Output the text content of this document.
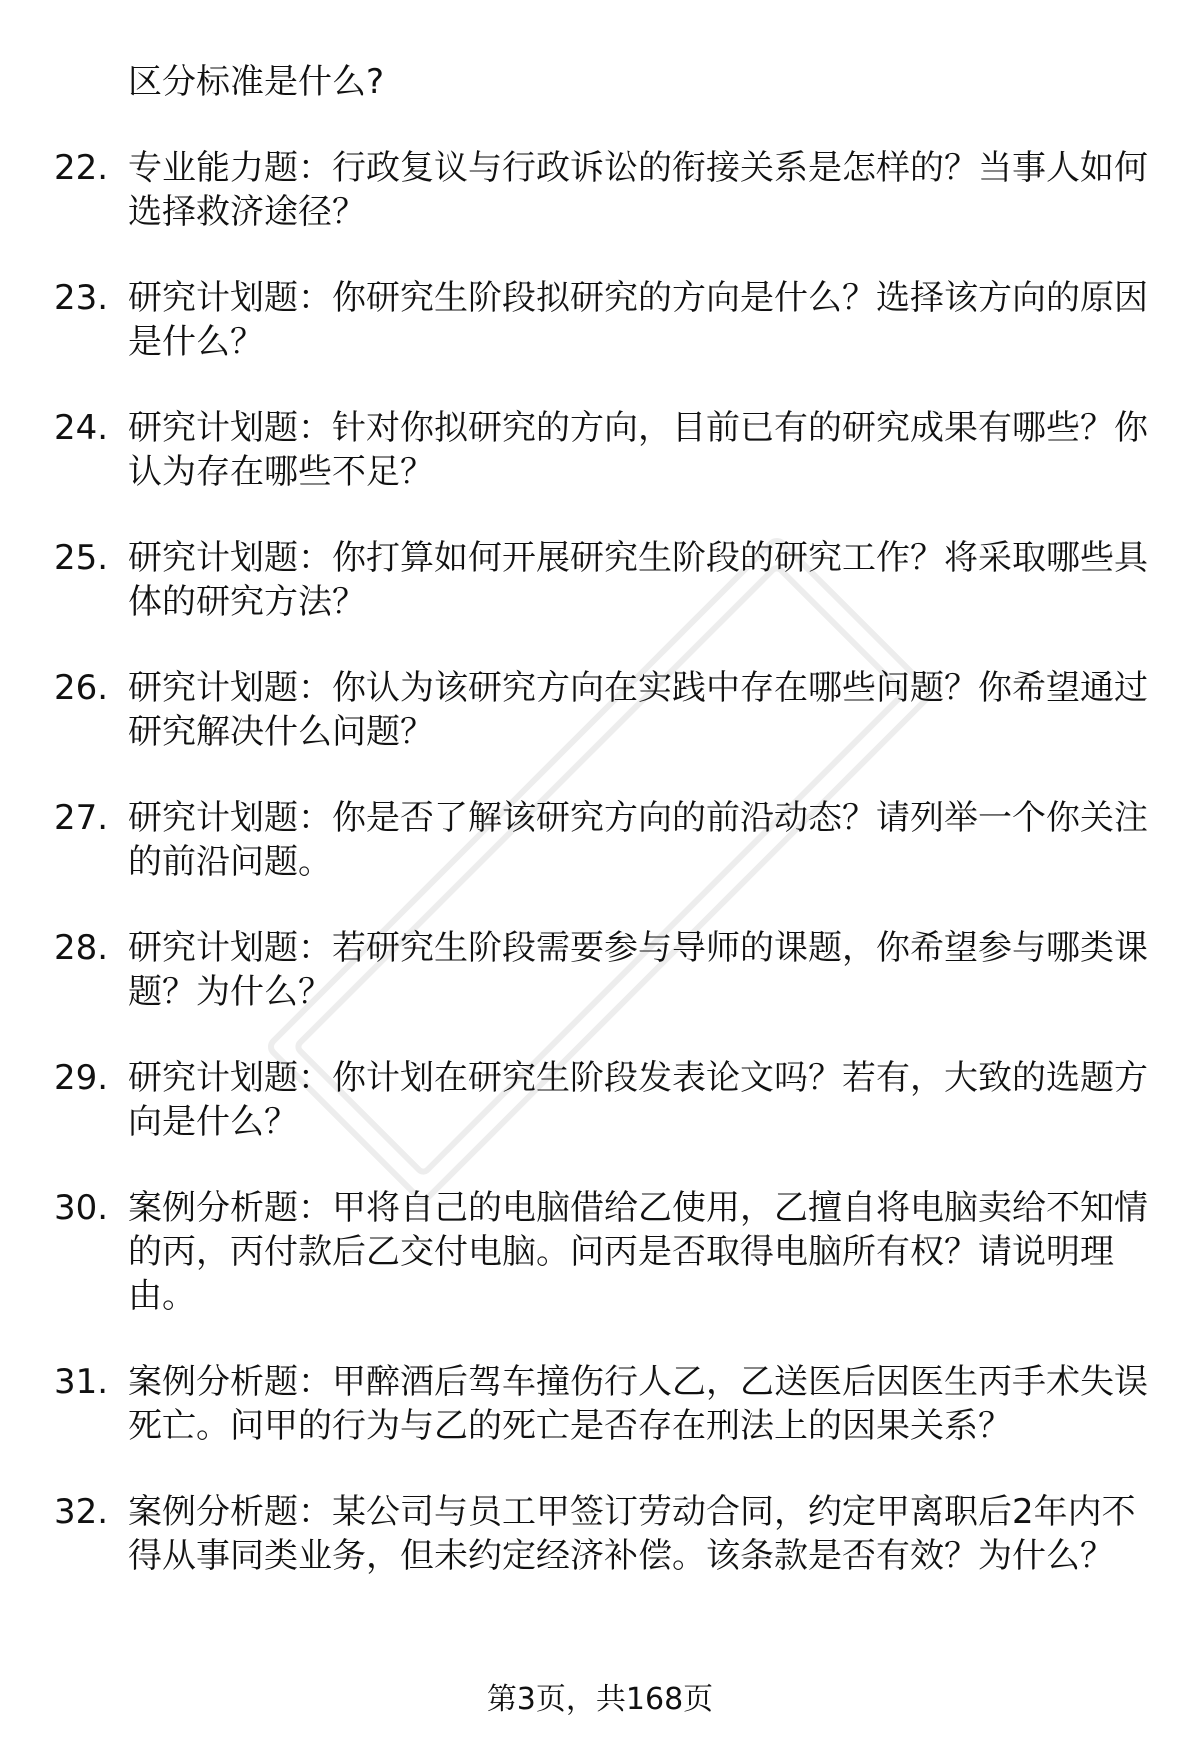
区分标准是什么?
22. 专业能力题：行政复议与行政诉讼的衔接关系是怎样的？当事人如何选择救济途径？
23. 研究计划题：你研究生阶段拟研究的方向是什么？选择该方向的原因是什么？
24. 研究计划题：针对你拟研究的方向，目前已有的研究成果有哪些？你认为存在哪些不足？
25. 研究计划题：你打算如何开展研究生阶段的研究工作？将采取哪些具体的研究方法？
26. 研究计划题：你认为该研究方向在实践中存在哪些问题？你希望通过研究解决什么问题？
27. 研究计划题：你是否了解该研究方向的前沿动态？请列举一个你关注的前沿问题。
28. 研究计划题：若研究生阶段需要参与导师的课题，你希望参与哪类课题？为什么？
29. 研究计划题：你计划在研究生阶段发表论文吗？若有，大致的选题方向是什么？
30. 案例分析题：甲将自己的电脑借给乙使用，乙擅自将电脑卖给不知情的丙，丙付款后乙交付电脑。问丙是否取得电脑所有权？请说明理由。
31. 案例分析题：甲醉酒后驾车撞伤行人乙，乙送医后因医生丙手术失误死亡。问甲的行为与乙的死亡是否存在刑法上的因果关系？
32. 案例分析题：某公司与员工甲签订劳动合同，约定甲离职后2年内不得从事同类业务，但未约定经济补偿。该条款是否有效？为什么？
第3页，共168页
